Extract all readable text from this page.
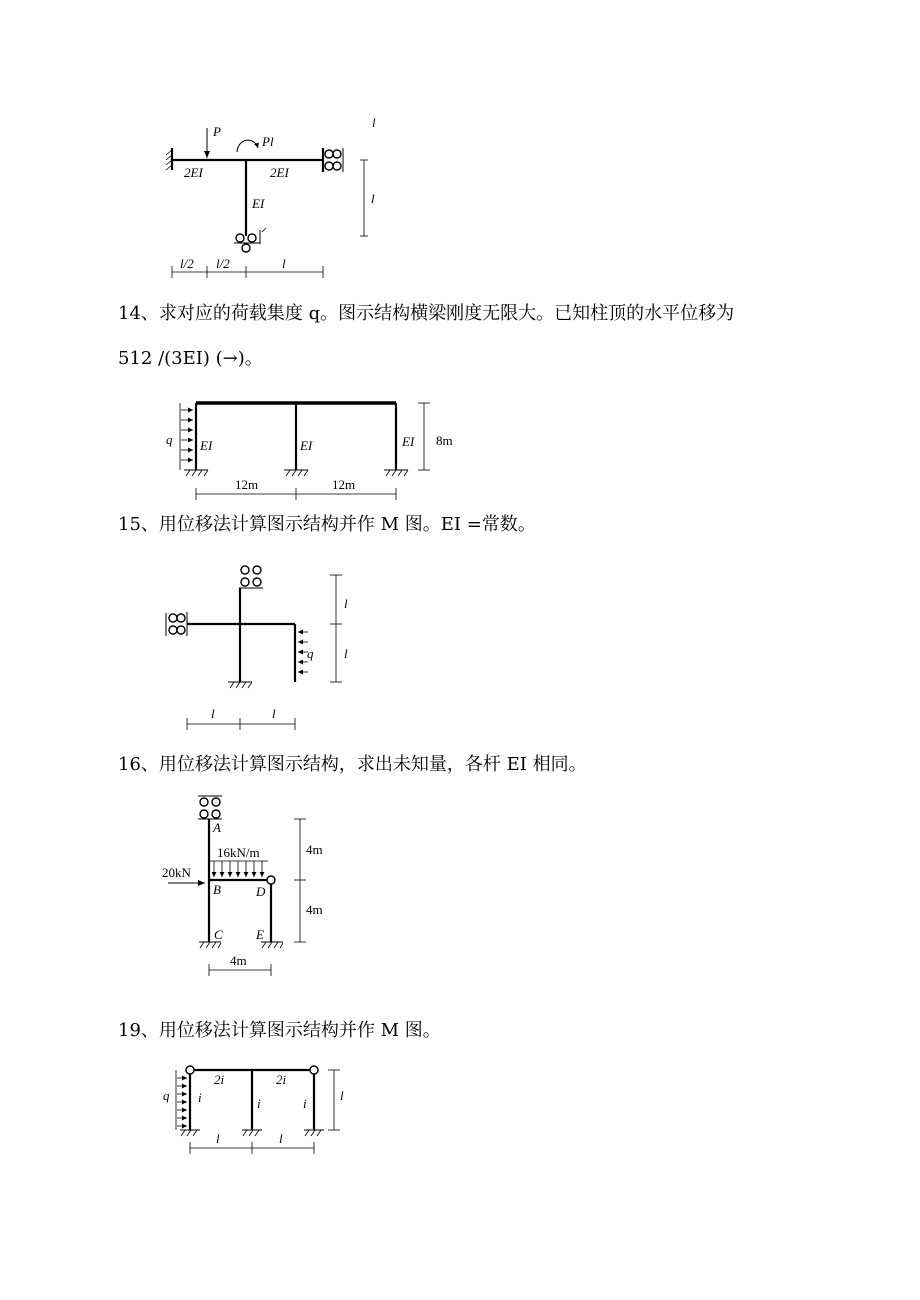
P
Pl
2EI	2EI
EI
l
l
l/2 l/2	l

14、求对应的荷载集度 q。图示结构横梁刚度无限大。已知柱顶的水平位移为

512 /(3EI) (→)。

q EI	EI	EI 8m
12m	12m

15、用位移法计算图示结构并作 M 图。EI =常数。

q
l
l
l	l

16、用位移法计算图示结构，求出未知量，各杆 EI 相同。

16kN/m
20kN
A
B	D
C	E
4m
4m
4m

19、用位移法计算图示结构并作 M 图。

q
2i	2i
i	i	i
l
l	l
